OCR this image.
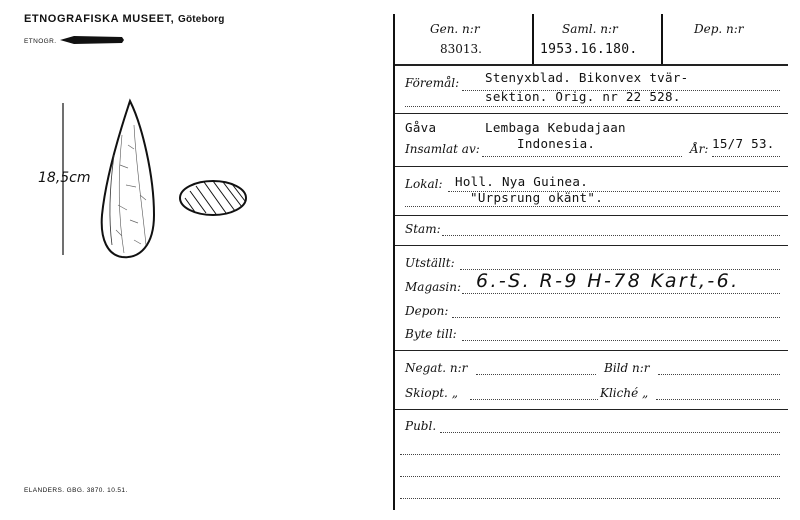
ETNOGRAFISKA MUSEET, Göteborg
ETNOGR.
18,5cm
ELANDERS. GBG. 3870. 10.51.
Gen. n:r
83013.
Saml. n:r
1953.16.180.
Dep. n:r
Föremål: Stenyxblad. Bikonvex tvär-
sektion. Orig. nr 22 528.
Gåva	Lembaga Kebudajaan
Insamlat av:	Indonesia.	År: 15/7 53.
Lokal: Holl. Nya Guinea.
"Urpsrung okänt".
Stam:
Utställt:
Magasin: 6.-S. R-9 H-78 Kart,-6.
Depon:
Byte till:
Negat. n:r	Bild n:r
Skiopt. „	Kliché „
Publ.
